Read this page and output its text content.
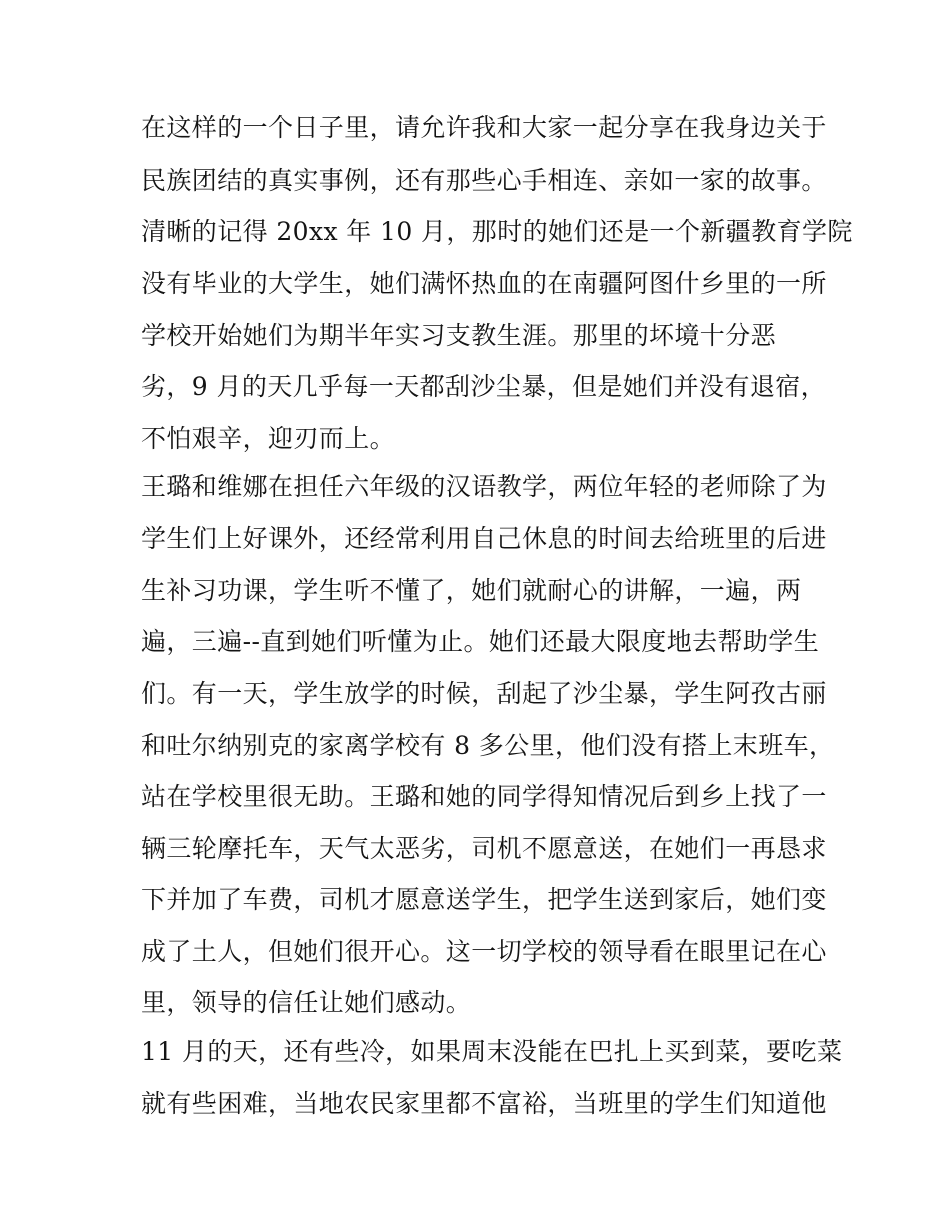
在这样的一个日子里，请允许我和大家一起分享在我身边关于
民族团结的真实事例，还有那些心手相连、亲如一家的故事。
清晰的记得 20xx 年 10 月，那时的她们还是一个新疆教育学院
没有毕业的大学生，她们满怀热血的在南疆阿图什乡里的一所
学校开始她们为期半年实习支教生涯。那里的坏境十分恶
劣，9 月的天几乎每一天都刮沙尘暴，但是她们并没有退宿，
不怕艰辛，迎刃而上。
王璐和维娜在担任六年级的汉语教学，两位年轻的老师除了为
学生们上好课外，还经常利用自己休息的时间去给班里的后进
生补习功课，学生听不懂了，她们就耐心的讲解，一遍，两
遍，三遍--直到她们听懂为止。她们还最大限度地去帮助学生
们。有一天，学生放学的时候，刮起了沙尘暴，学生阿孜古丽
和吐尔纳别克的家离学校有 8 多公里，他们没有搭上末班车，
站在学校里很无助。王璐和她的同学得知情况后到乡上找了一
辆三轮摩托车，天气太恶劣，司机不愿意送，在她们一再恳求
下并加了车费，司机才愿意送学生，把学生送到家后，她们变
成了土人，但她们很开心。这一切学校的领导看在眼里记在心
里，领导的信任让她们感动。
11 月的天，还有些冷，如果周末没能在巴扎上买到菜，要吃菜
就有些困难，当地农民家里都不富裕，当班里的学生们知道他
